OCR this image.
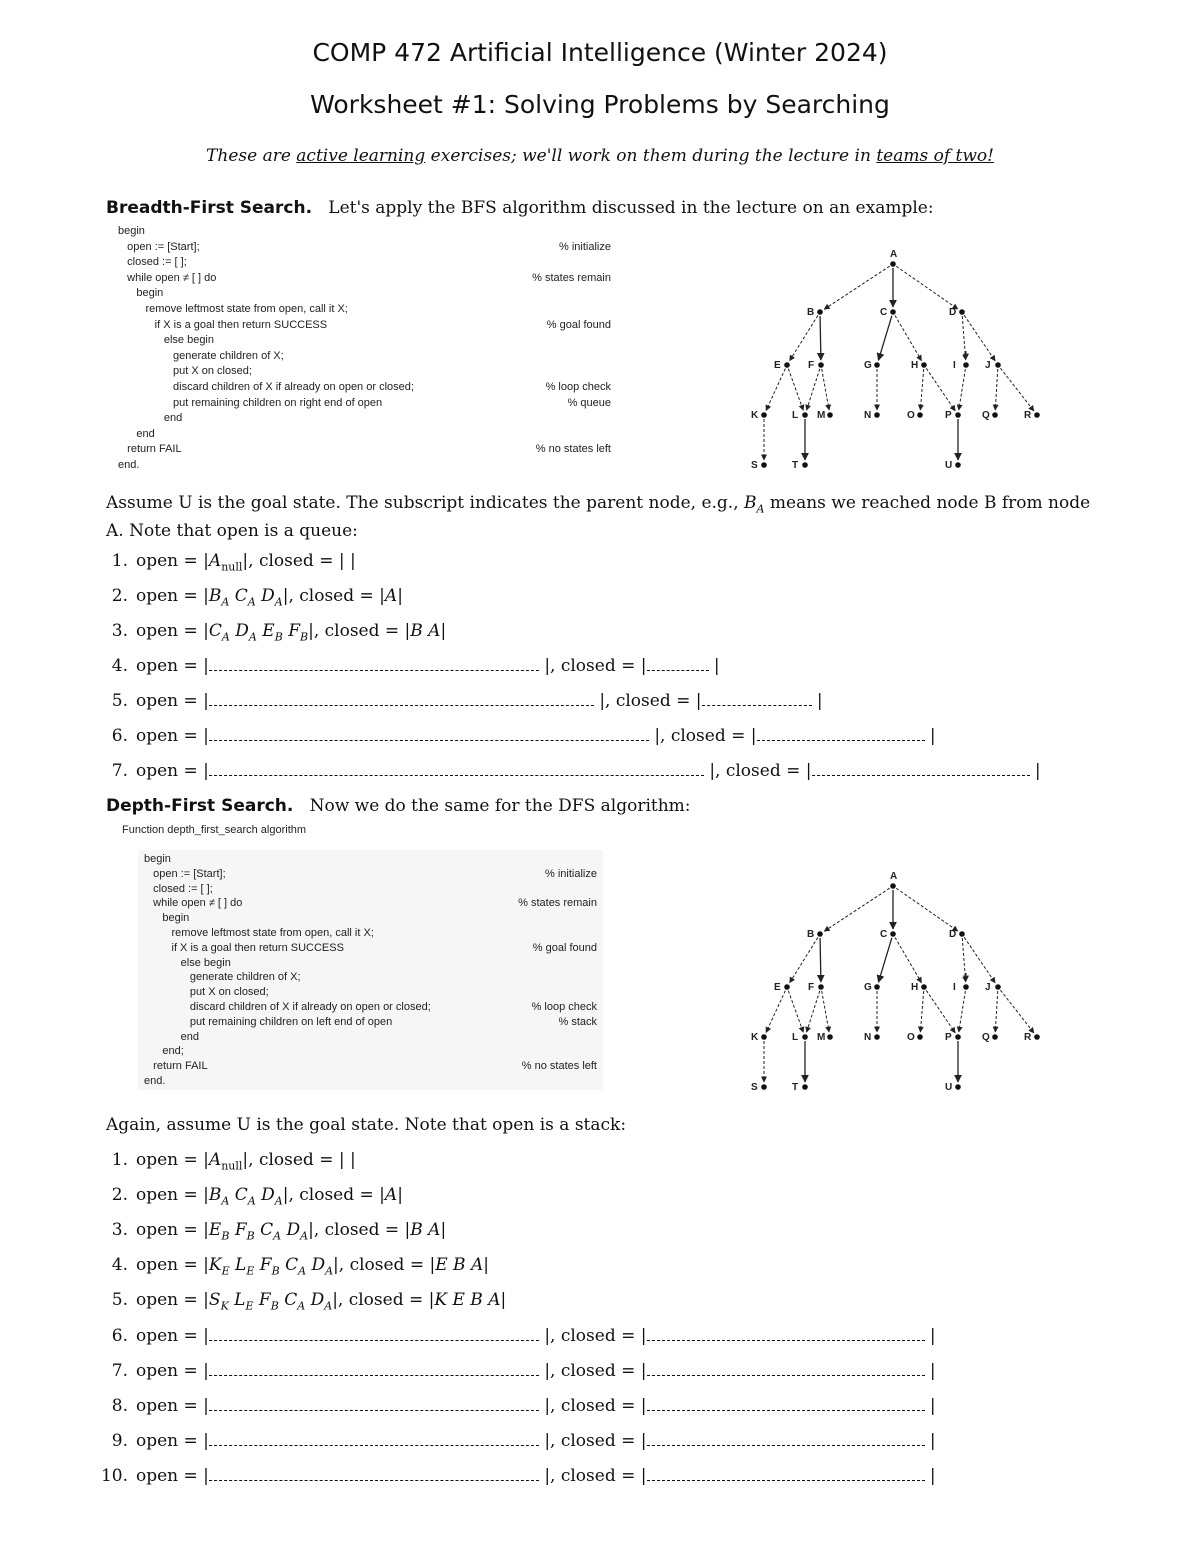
COMP 472 Artificial Intelligence (Winter 2024)
Worksheet #1: Solving Problems by Searching
These are active learning exercises; we'll work on them during the lecture in teams of two!
Breadth-First Search. Let's apply the BFS algorithm discussed in the lecture on an example:
begin
open := [Start];	% initialize
closed := [ ];
while open ≠ [ ] do	% states remain
begin
remove leftmost state from open, call it X;
if X is a goal then return SUCCESS	% goal found
else begin
generate children of X;
put X on closed;
discard children of X if already on open or closed;	% loop check
put remaining children on right end of open	% queue
end
end
return FAIL	% no states left
end.
A
B	C	D
E	F	G	H	I	J
K	L M	N	O	P	Q	R
S	T	U
Assume U is the goal state. The subscript indicates the parent node, e.g., $B_A$ means we reached node B from node
A. Note that open is a queue:
1. open = $|A_{null}|$, closed = | |
2. open = $|B_A$ $C_A$ $D_A|$, closed = |A|
3. open = $|C_A$ $D_A$ $E_B$ $F_B|$, closed = |B A|
4. open = |	|, closed = |	|
5. open = |	|, closed = |	|
6. open = |	|, closed = |	|
7. open = |	|, closed = |	|
Depth-First Search. Now we do the same for the DFS algorithm:
Function depth_first_search algorithm
begin
open := [Start];	% initialize
closed := [ ];
while open ≠ [ ] do	% states remain
begin
remove leftmost state from open, call it X;
if X is a goal then return SUCCESS	% goal found
else begin
generate children of X;
put X on closed;
discard children of X if already on open or closed;	% loop check
put remaining children on left end of open	% stack
end
end;
return FAIL	% no states left
end.
A
B	C	D
E	F	G	H	I	J
K	L M	N	O	P	Q	R
S	T	U
Again, assume U is the goal state. Note that open is a stack:
1. open = $|A_{null}|$, closed = | |
2. open = $|B_A$ $C_A$ $D_A|$, closed = |A|
3. open = $|E_B$ $F_B$ $C_A$ $D_A|$, closed = |B A|
4. open = $|K_E$ $L_E$ $F_B$ $C_A$ $D_A|$, closed = |E B A|
5. open = $|S_K$ $L_E$ $F_B$ $C_A$ $D_A|$, closed = |K E B A|
6. open = |	|, closed = |	|
7. open = |	|, closed = |	|
8. open = |	|, closed = |	|
9. open = |	|, closed = |	|
10. open = |	|, closed = |	|
